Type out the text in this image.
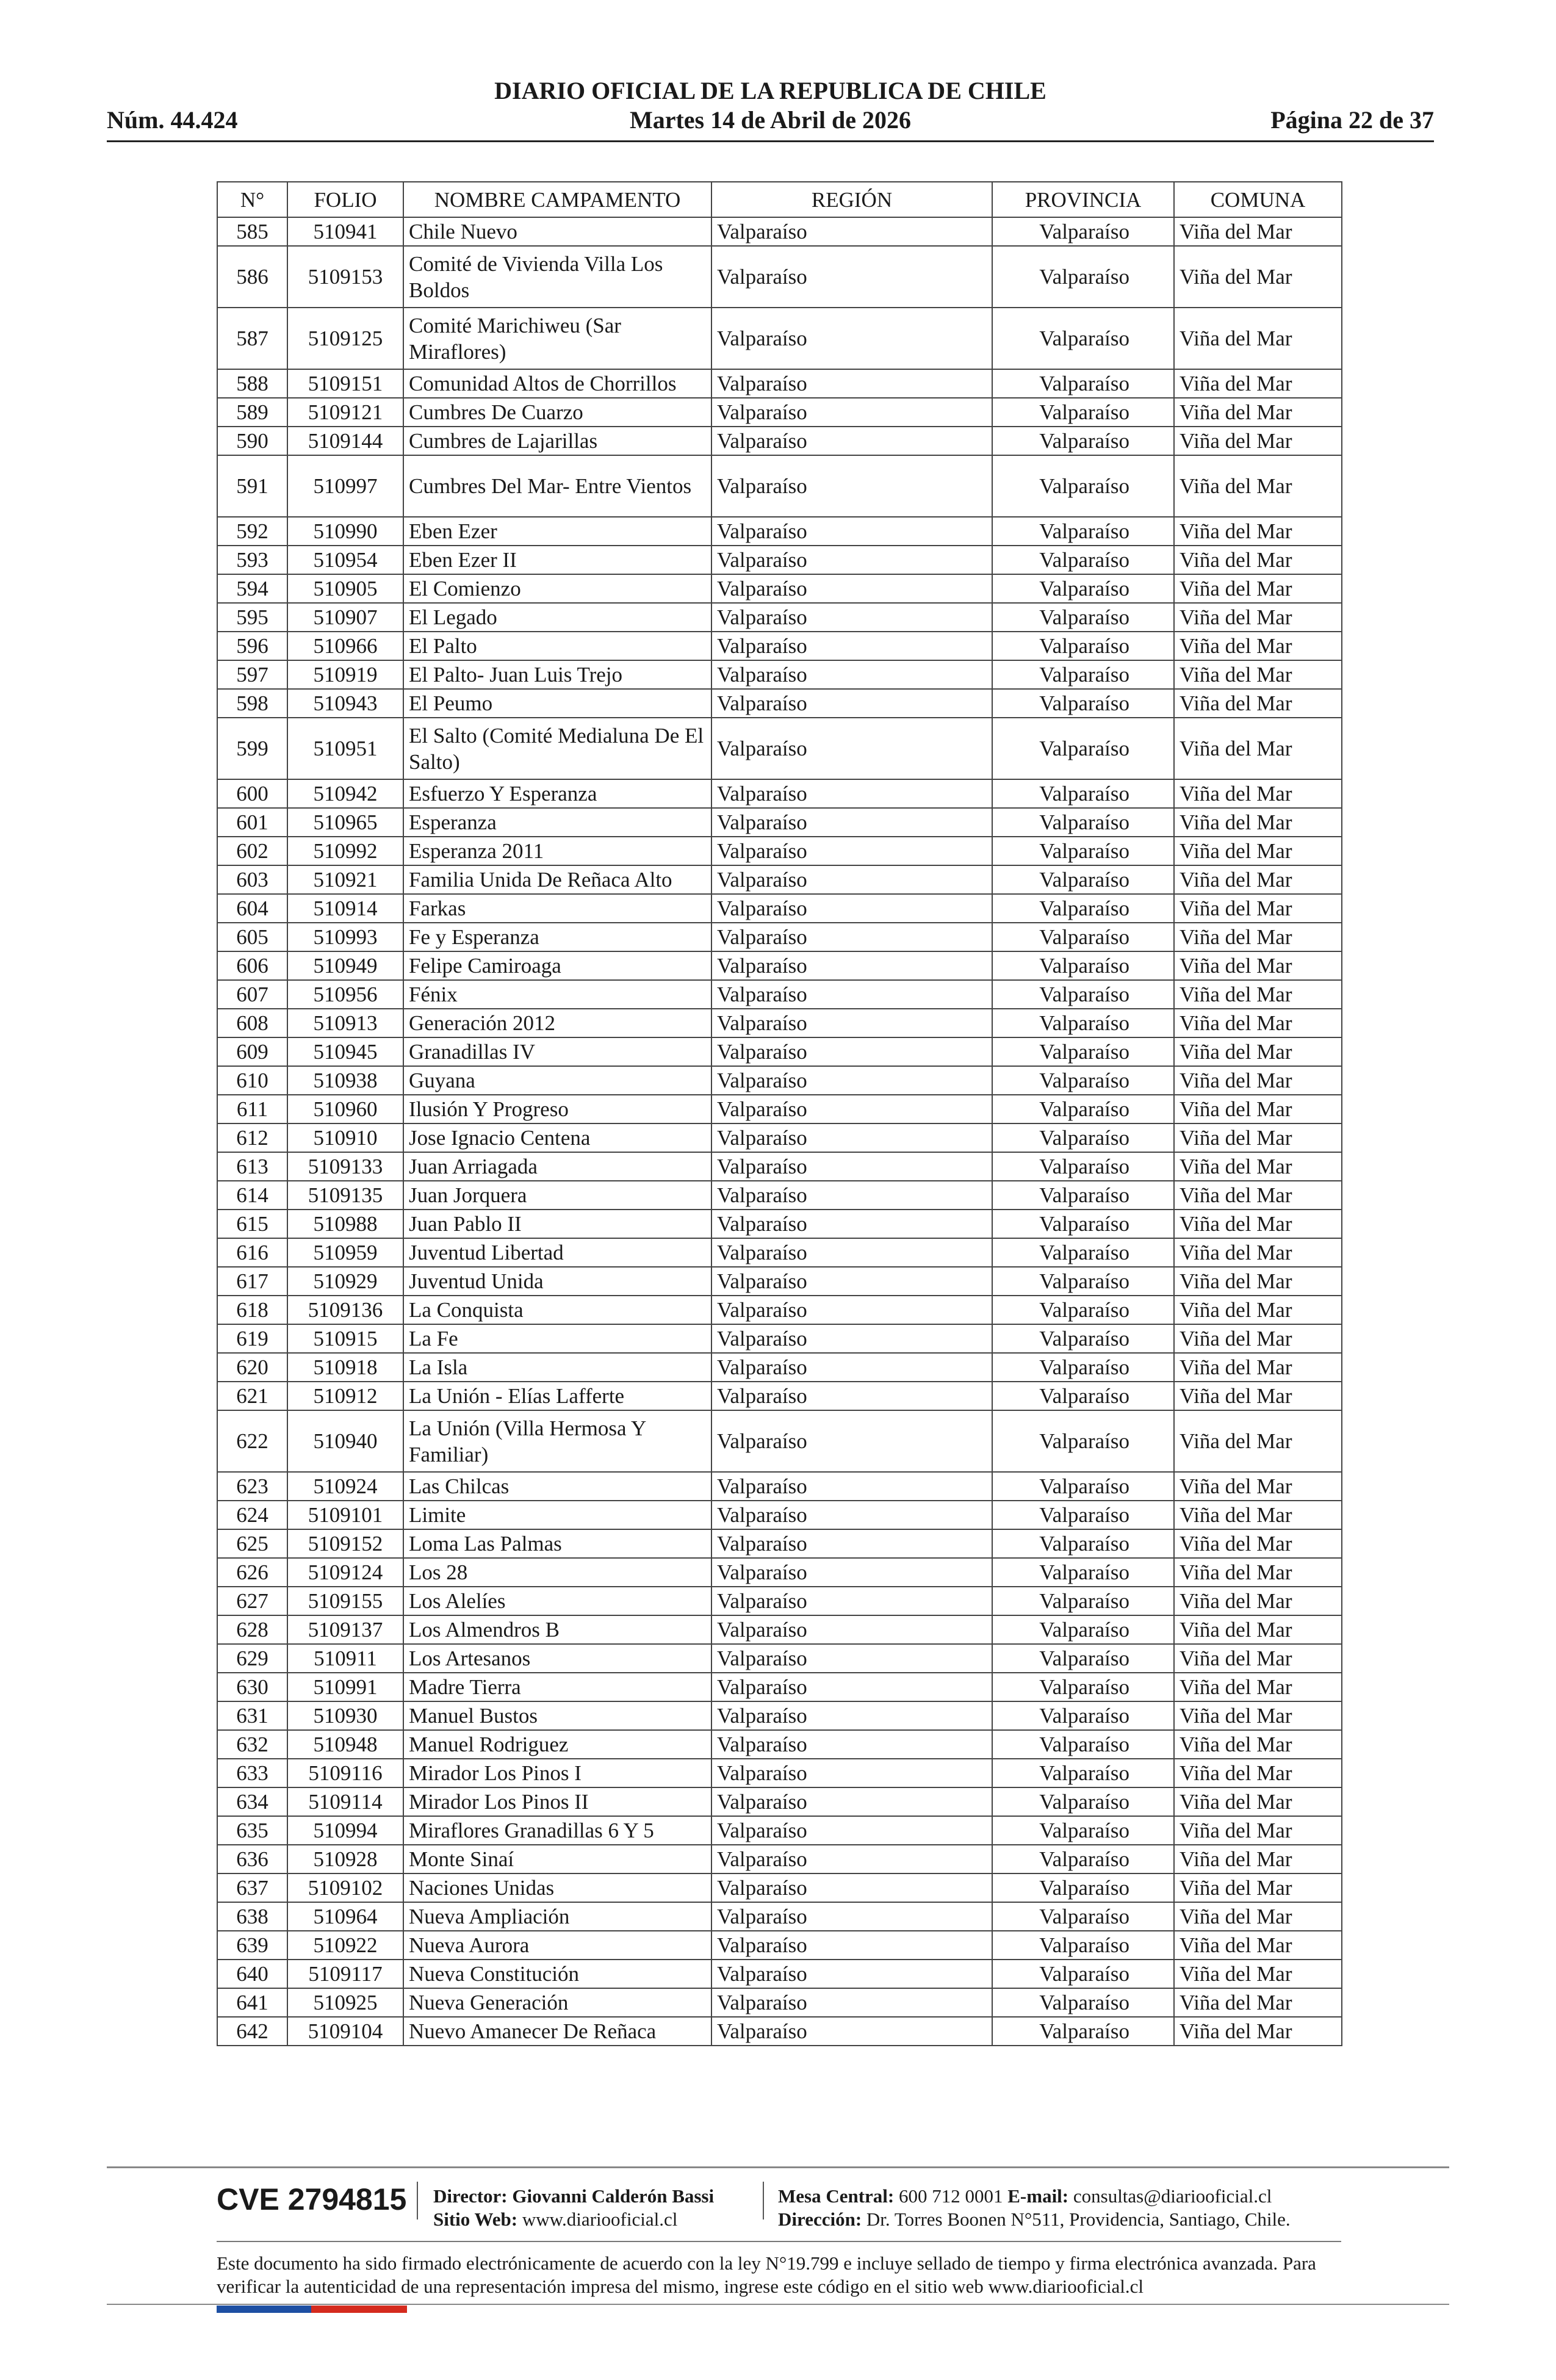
DIARIO OFICIAL DE LA REPUBLICA DE CHILE
Núm. 44.424	Martes 14 de Abril de 2026	Página 22 de 37
N°	FOLIO	NOMBRE CAMPAMENTO	REGIÓN	PROVINCIA	COMUNA
585	510941	Chile Nuevo	Valparaíso	Valparaíso	Viña del Mar
586	5109153	Comité de Vivienda Villa Los Boldos	Valparaíso	Valparaíso	Viña del Mar
587	5109125	Comité Marichiweu (Sar Miraflores)	Valparaíso	Valparaíso	Viña del Mar
588	5109151	Comunidad Altos de Chorrillos	Valparaíso	Valparaíso	Viña del Mar
589	5109121	Cumbres De Cuarzo	Valparaíso	Valparaíso	Viña del Mar
590	5109144	Cumbres de Lajarillas	Valparaíso	Valparaíso	Viña del Mar
591	510997	Cumbres Del Mar- Entre Vientos	Valparaíso	Valparaíso	Viña del Mar
592	510990	Eben Ezer	Valparaíso	Valparaíso	Viña del Mar
593	510954	Eben Ezer II	Valparaíso	Valparaíso	Viña del Mar
594	510905	El Comienzo	Valparaíso	Valparaíso	Viña del Mar
595	510907	El Legado	Valparaíso	Valparaíso	Viña del Mar
596	510966	El Palto	Valparaíso	Valparaíso	Viña del Mar
597	510919	El Palto- Juan Luis Trejo	Valparaíso	Valparaíso	Viña del Mar
598	510943	El Peumo	Valparaíso	Valparaíso	Viña del Mar
599	510951	El Salto (Comité Medialuna De El Salto)	Valparaíso	Valparaíso	Viña del Mar
600	510942	Esfuerzo Y Esperanza	Valparaíso	Valparaíso	Viña del Mar
601	510965	Esperanza	Valparaíso	Valparaíso	Viña del Mar
602	510992	Esperanza 2011	Valparaíso	Valparaíso	Viña del Mar
603	510921	Familia Unida De Reñaca Alto	Valparaíso	Valparaíso	Viña del Mar
604	510914	Farkas	Valparaíso	Valparaíso	Viña del Mar
605	510993	Fe y Esperanza	Valparaíso	Valparaíso	Viña del Mar
606	510949	Felipe Camiroaga	Valparaíso	Valparaíso	Viña del Mar
607	510956	Fénix	Valparaíso	Valparaíso	Viña del Mar
608	510913	Generación 2012	Valparaíso	Valparaíso	Viña del Mar
609	510945	Granadillas IV	Valparaíso	Valparaíso	Viña del Mar
610	510938	Guyana	Valparaíso	Valparaíso	Viña del Mar
611	510960	Ilusión Y Progreso	Valparaíso	Valparaíso	Viña del Mar
612	510910	Jose Ignacio Centena	Valparaíso	Valparaíso	Viña del Mar
613	5109133	Juan Arriagada	Valparaíso	Valparaíso	Viña del Mar
614	5109135	Juan Jorquera	Valparaíso	Valparaíso	Viña del Mar
615	510988	Juan Pablo II	Valparaíso	Valparaíso	Viña del Mar
616	510959	Juventud Libertad	Valparaíso	Valparaíso	Viña del Mar
617	510929	Juventud Unida	Valparaíso	Valparaíso	Viña del Mar
618	5109136	La Conquista	Valparaíso	Valparaíso	Viña del Mar
619	510915	La Fe	Valparaíso	Valparaíso	Viña del Mar
620	510918	La Isla	Valparaíso	Valparaíso	Viña del Mar
621	510912	La Unión - Elías Lafferte	Valparaíso	Valparaíso	Viña del Mar
622	510940	La Unión (Villa Hermosa Y Familiar)	Valparaíso	Valparaíso	Viña del Mar
623	510924	Las Chilcas	Valparaíso	Valparaíso	Viña del Mar
624	5109101	Limite	Valparaíso	Valparaíso	Viña del Mar
625	5109152	Loma Las Palmas	Valparaíso	Valparaíso	Viña del Mar
626	5109124	Los 28	Valparaíso	Valparaíso	Viña del Mar
627	5109155	Los Alelíes	Valparaíso	Valparaíso	Viña del Mar
628	5109137	Los Almendros B	Valparaíso	Valparaíso	Viña del Mar
629	510911	Los Artesanos	Valparaíso	Valparaíso	Viña del Mar
630	510991	Madre Tierra	Valparaíso	Valparaíso	Viña del Mar
631	510930	Manuel Bustos	Valparaíso	Valparaíso	Viña del Mar
632	510948	Manuel Rodriguez	Valparaíso	Valparaíso	Viña del Mar
633	5109116	Mirador Los Pinos I	Valparaíso	Valparaíso	Viña del Mar
634	5109114	Mirador Los Pinos II	Valparaíso	Valparaíso	Viña del Mar
635	510994	Miraflores Granadillas 6 Y 5	Valparaíso	Valparaíso	Viña del Mar
636	510928	Monte Sinaí	Valparaíso	Valparaíso	Viña del Mar
637	5109102	Naciones Unidas	Valparaíso	Valparaíso	Viña del Mar
638	510964	Nueva Ampliación	Valparaíso	Valparaíso	Viña del Mar
639	510922	Nueva Aurora	Valparaíso	Valparaíso	Viña del Mar
640	5109117	Nueva Constitución	Valparaíso	Valparaíso	Viña del Mar
641	510925	Nueva Generación	Valparaíso	Valparaíso	Viña del Mar
642	5109104	Nuevo Amanecer De Reñaca	Valparaíso	Valparaíso	Viña del Mar
CVE 2794815 Director: Giovanni Calderón Bassi
Sitio Web: www.diariooficial.cl
Mesa Central: 600 712 0001 E-mail: consultas@diariooficial.cl
Dirección: Dr. Torres Boonen N°511, Providencia, Santiago, Chile.
Este documento ha sido firmado electrónicamente de acuerdo con la ley N°19.799 e incluye sellado de tiempo y firma electrónica avanzada. Para verificar la autenticidad de una representación impresa del mismo, ingrese este código en el sitio web www.diariooficial.cl
